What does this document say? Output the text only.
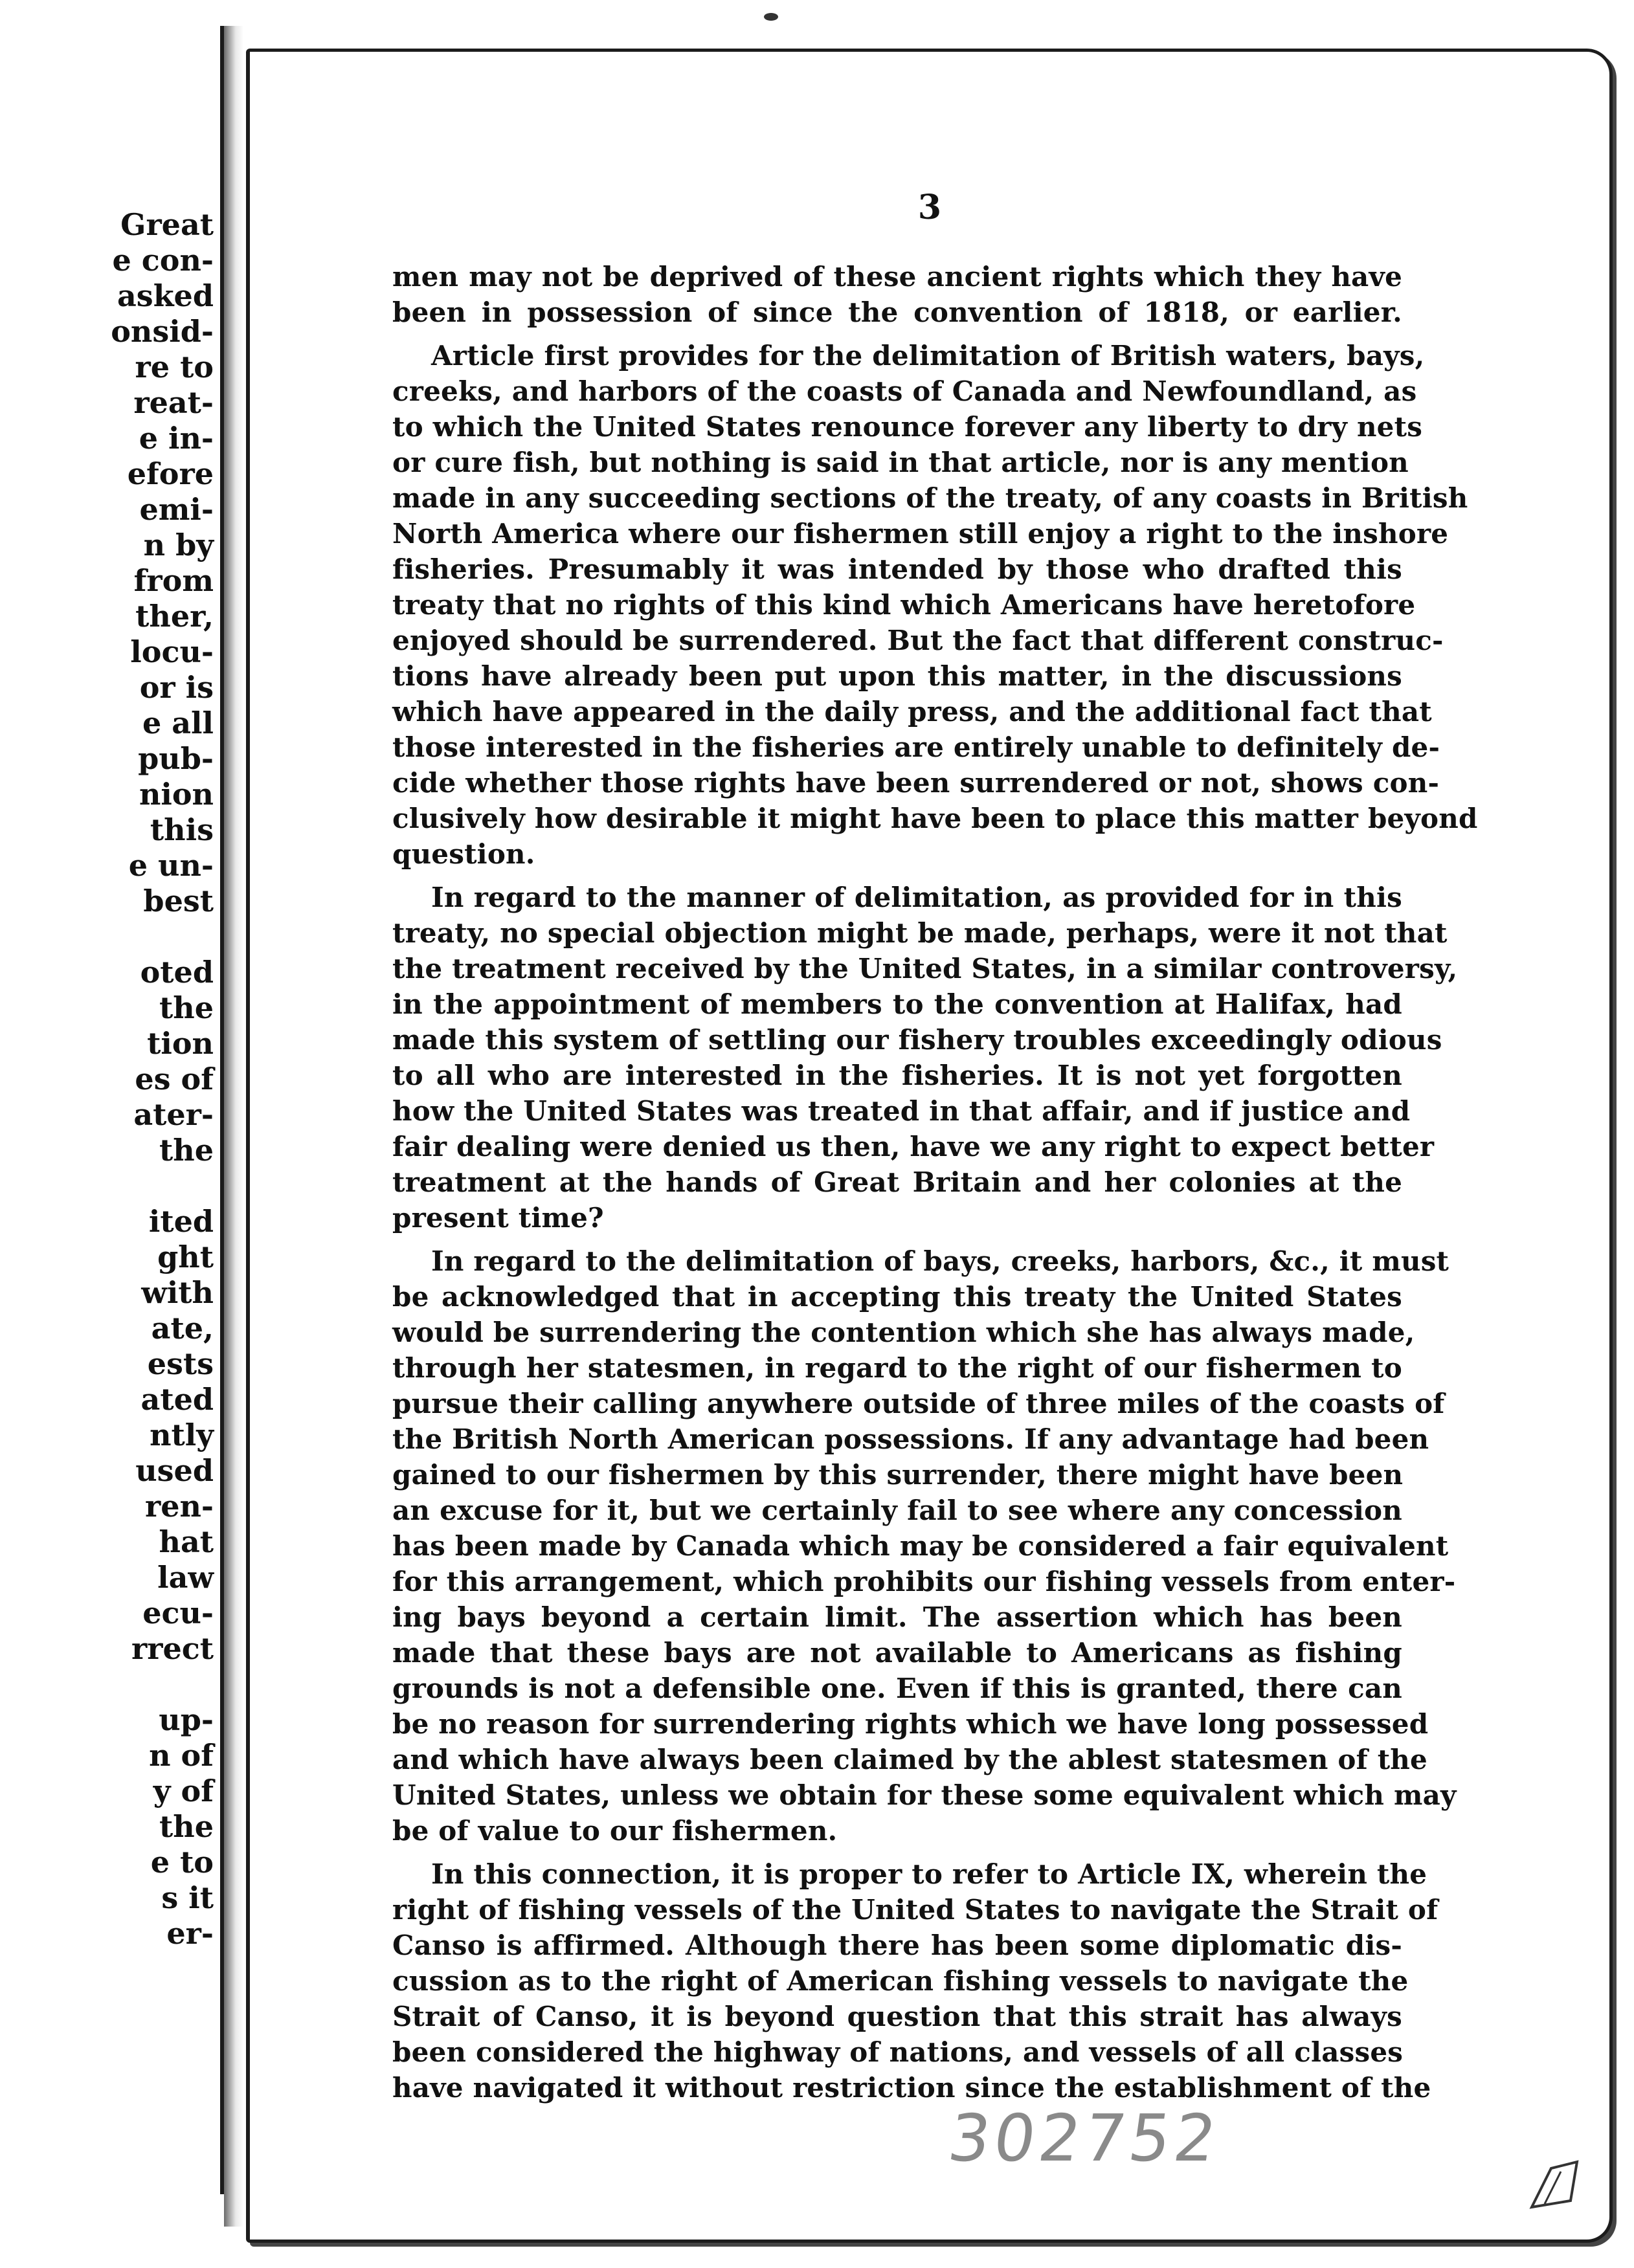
Great
e con-
asked
onsid-
re to
reat-
e in-
efore
emi-
n by
from
ther,
locu-
or is
e all
pub-
nion
this
e un-
best
oted
the
tion
es of
ater-
the
ited
ght
with
ate,
ests
ated
ntly
used
ren-
hat
law
ecu-
rrect
up-
n of
y of
the
e to
s it
er-
3
men may not be deprived of these ancient rights which they have
been in possession of since the convention of 1818, or earlier.
Article first provides for the delimitation of British waters, bays,
creeks, and harbors of the coasts of Canada and Newfoundland, as
to which the United States renounce forever any liberty to dry nets
or cure fish, but nothing is said in that article, nor is any mention
made in any succeeding sections of the treaty, of any coasts in British
North America where our fishermen still enjoy a right to the inshore
fisheries. Presumably it was intended by those who drafted this
treaty that no rights of this kind which Americans have heretofore
enjoyed should be surrendered. But the fact that different construc-
tions have already been put upon this matter, in the discussions
which have appeared in the daily press, and the additional fact that
those interested in the fisheries are entirely unable to definitely de-
cide whether those rights have been surrendered or not, shows con-
clusively how desirable it might have been to place this matter beyond
question.
In regard to the manner of delimitation, as provided for in this
treaty, no special objection might be made, perhaps, were it not that
the treatment received by the United States, in a similar controversy,
in the appointment of members to the convention at Halifax, had
made this system of settling our fishery troubles exceedingly odious
to all who are interested in the fisheries. It is not yet forgotten
how the United States was treated in that affair, and if justice and
fair dealing were denied us then, have we any right to expect better
treatment at the hands of Great Britain and her colonies at the
present time?
In regard to the delimitation of bays, creeks, harbors, &c., it must
be acknowledged that in accepting this treaty the United States
would be surrendering the contention which she has always made,
through her statesmen, in regard to the right of our fishermen to
pursue their calling anywhere outside of three miles of the coasts of
the British North American possessions. If any advantage had been
gained to our fishermen by this surrender, there might have been
an excuse for it, but we certainly fail to see where any concession
has been made by Canada which may be considered a fair equivalent
for this arrangement, which prohibits our fishing vessels from enter-
ing bays beyond a certain limit. The assertion which has been
made that these bays are not available to Americans as fishing
grounds is not a defensible one. Even if this is granted, there can
be no reason for surrendering rights which we have long possessed
and which have always been claimed by the ablest statesmen of the
United States, unless we obtain for these some equivalent which may
be of value to our fishermen.
In this connection, it is proper to refer to Article IX, wherein the
right of fishing vessels of the United States to navigate the Strait of
Canso is affirmed. Although there has been some diplomatic dis-
cussion as to the right of American fishing vessels to navigate the
Strait of Canso, it is beyond question that this strait has always
been considered the highway of nations, and vessels of all classes
have navigated it without restriction since the establishment of the
302752
